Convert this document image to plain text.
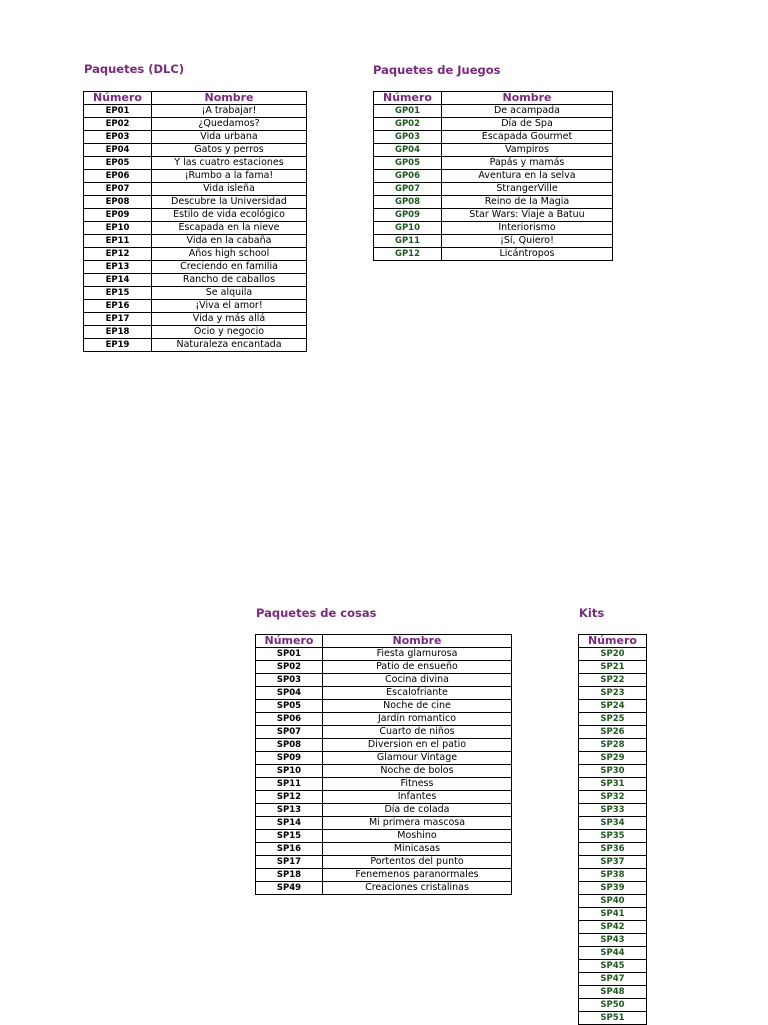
Paquetes (DLC)	Paquetes de Juegos
Paquetes de cosas	Kits
Número	Nombre
EP01	¡A trabajar!
EP02	¿Quedamos?
EP03	Vida urbana
EP04	Gatos y perros
EP05	Y las cuatro estaciones
EP06	¡Rumbo a la fama!
EP07	Vida isleña
EP08	Descubre la Universidad
EP09	Estilo de vida ecológico
EP10	Escapada en la nieve
EP11	Vida en la cabaña
EP12	Años high school
EP13	Creciendo en familia
EP14	Rancho de caballos
EP15	Se alquila
EP16	¡Viva el amor!
EP17	Vida y más allá
EP18	Ocio y negocio
EP19	Naturaleza encantada
Número	Nombre
GP01	De acampada
GP02	Día de Spa
GP03	Escapada Gourmet
GP04	Vampiros
GP05	Papás y mamás
GP06	Aventura en la selva
GP07	StrangerVille
GP08	Reino de la Magia
GP09	Star Wars: Viaje a Batuu
GP10	Interiorismo
GP11	¡Sí, Quiero!
GP12	Licántropos
Número	Nombre
SP01	Fiesta glamurosa
SP02	Patio de ensueño
SP03	Cocina divina
SP04	Escalofriante
SP05	Noche de cine
SP06	Jardín romantico
SP07	Cuarto de niños
SP08	Diversion en el patio
SP09	Glamour Vintage
SP10	Noche de bolos
SP11	Fitness
SP12	Infantes
SP13	Día de colada
SP14	Mi primera mascosa
SP15	Moshino
SP16	Minicasas
SP17	Portentos del punto
SP18	Fenemenos paranormales
SP49	Creaciones cristalinas
Número
SP20
SP21
SP22
SP23
SP24
SP25
SP26
SP28
SP29
SP30
SP31
SP32
SP33
SP34
SP35
SP36
SP37
SP38
SP39
SP40
SP41
SP42
SP43
SP44
SP45
SP47
SP48
SP50
SP51
